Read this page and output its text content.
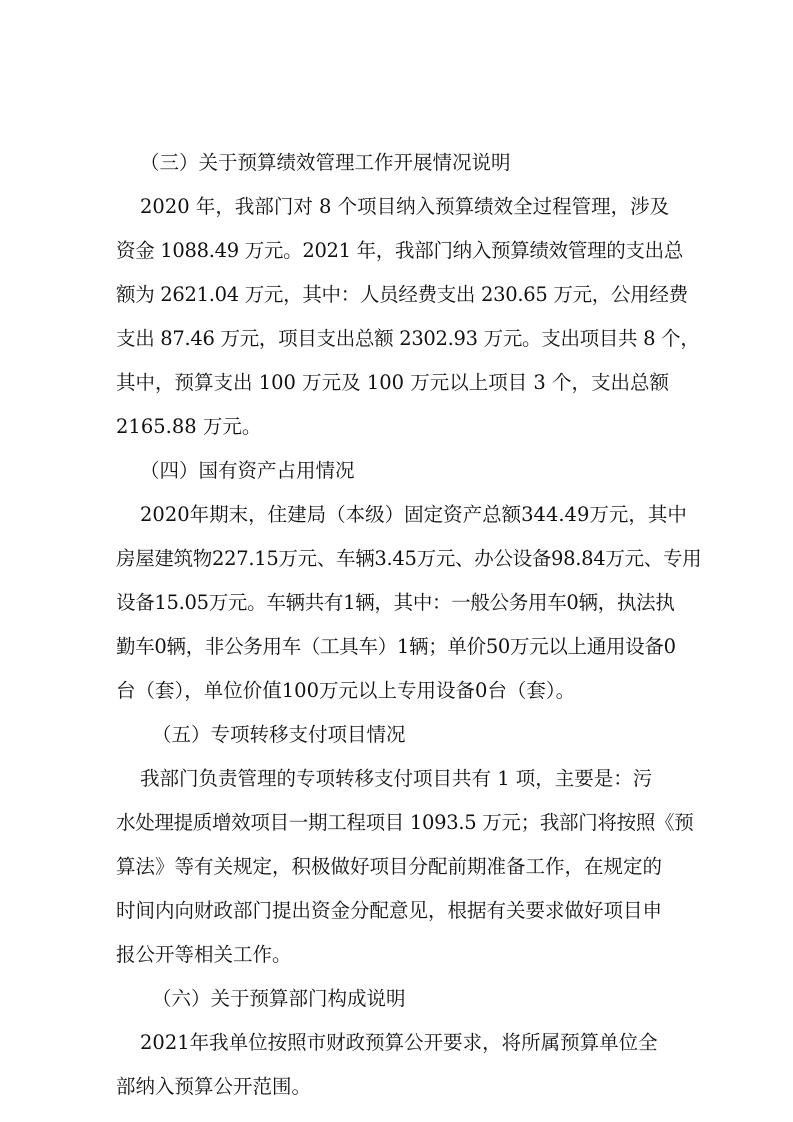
（三）关于预算绩效管理工作开展情况说明
2020 年，我部门对 8 个项目纳入预算绩效全过程管理，涉及
资金 1088.49 万元。2021 年，我部门纳入预算绩效管理的支出总
额为 2621.04 万元，其中：人员经费支出 230.65 万元，公用经费
支出 87.46 万元，项目支出总额 2302.93 万元。支出项目共 8 个，
其中，预算支出 100 万元及 100 万元以上项目 3 个，支出总额
2165.88 万元。
（四）国有资产占用情况
2020年期末，住建局（本级）固定资产总额344.49万元，其中
房屋建筑物227.15万元、车辆3.45万元、办公设备98.84万元、专用
设备15.05万元。车辆共有1辆，其中：一般公务用车0辆，执法执
勤车0辆，非公务用车（工具车）1辆；单价50万元以上通用设备0
台（套），单位价值100万元以上专用设备0台（套）。
（五）专项转移支付项目情况
我部门负责管理的专项转移支付项目共有 1 项，主要是：污
水处理提质增效项目一期工程项目 1093.5 万元；我部门将按照《预
算法》等有关规定，积极做好项目分配前期准备工作，在规定的
时间内向财政部门提出资金分配意见，根据有关要求做好项目申
报公开等相关工作。
（六）关于预算部门构成说明
2021年我单位按照市财政预算公开要求，将所属预算单位全
部纳入预算公开范围。
